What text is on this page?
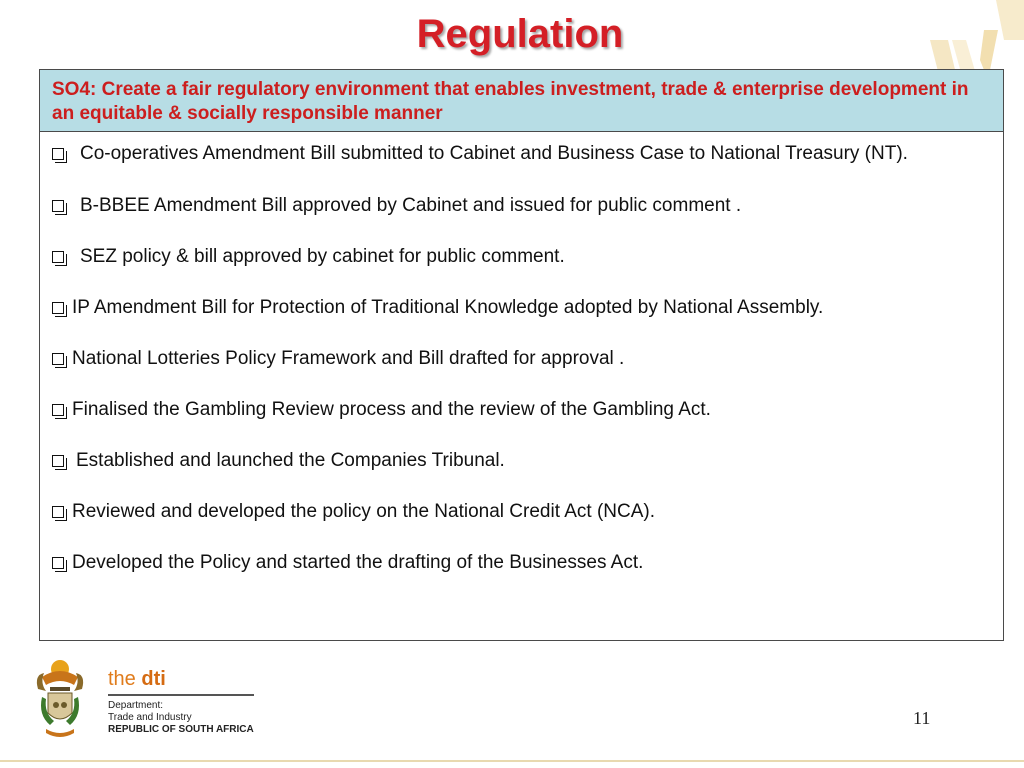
Regulation
SO4: Create a fair regulatory environment that enables investment, trade & enterprise development in an equitable & socially responsible manner
Co-operatives Amendment Bill submitted to Cabinet and Business Case to National Treasury (NT).
B-BBEE Amendment Bill approved by Cabinet and issued for public comment .
SEZ policy & bill approved by cabinet for public comment.
IP Amendment Bill for Protection of Traditional Knowledge adopted by National Assembly.
National Lotteries Policy Framework and Bill drafted for approval .
Finalised the Gambling Review process and the review of the Gambling Act.
Established and launched the Companies Tribunal.
Reviewed and developed the policy on the National Credit Act (NCA).
Developed the Policy and started the drafting of the Businesses Act.
the dti
Department:
Trade and Industry
REPUBLIC OF SOUTH AFRICA
11
